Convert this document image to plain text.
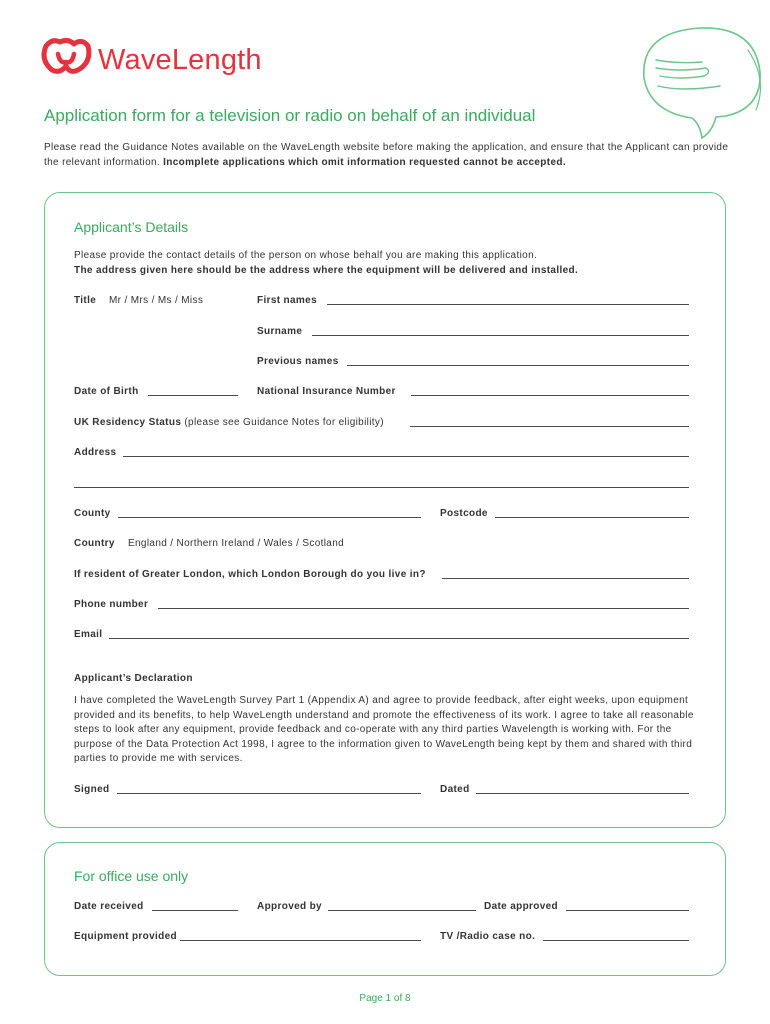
WaveLength
Application form for a television or radio on behalf of an individual
Please read the Guidance Notes available on the WaveLength website before making the application, and ensure that the Applicant can provide the relevant information. Incomplete applications which omit information requested cannot be accepted.
Applicant’s Details
Please provide the contact details of the person on whose behalf you are making this application.
The address given here should be the address where the equipment will be delivered and installed.
Title Mr / Mrs / Ms / Miss	First names
Surname
Previous names
Date of Birth	National Insurance Number
UK Residency Status (please see Guidance Notes for eligibility)
Address
County	Postcode
Country England / Northern Ireland / Wales / Scotland
If resident of Greater London, which London Borough do you live in?
Phone number
Email
Applicant’s Declaration
I have completed the WaveLength Survey Part 1 (Appendix A) and agree to provide feedback, after eight weeks, upon equipment provided and its benefits, to help WaveLength understand and promote the effectiveness of its work. I agree to take all reasonable steps to look after any equipment, provide feedback and co-operate with any third parties Wavelength is working with. For the purpose of the Data Protection Act 1998, I agree to the information given to WaveLength being kept by them and shared with third parties to provide me with services.
Signed	Dated
For office use only
Date received	Approved by	Date approved
Equipment provided	TV /Radio case no.
Page 1 of 8
